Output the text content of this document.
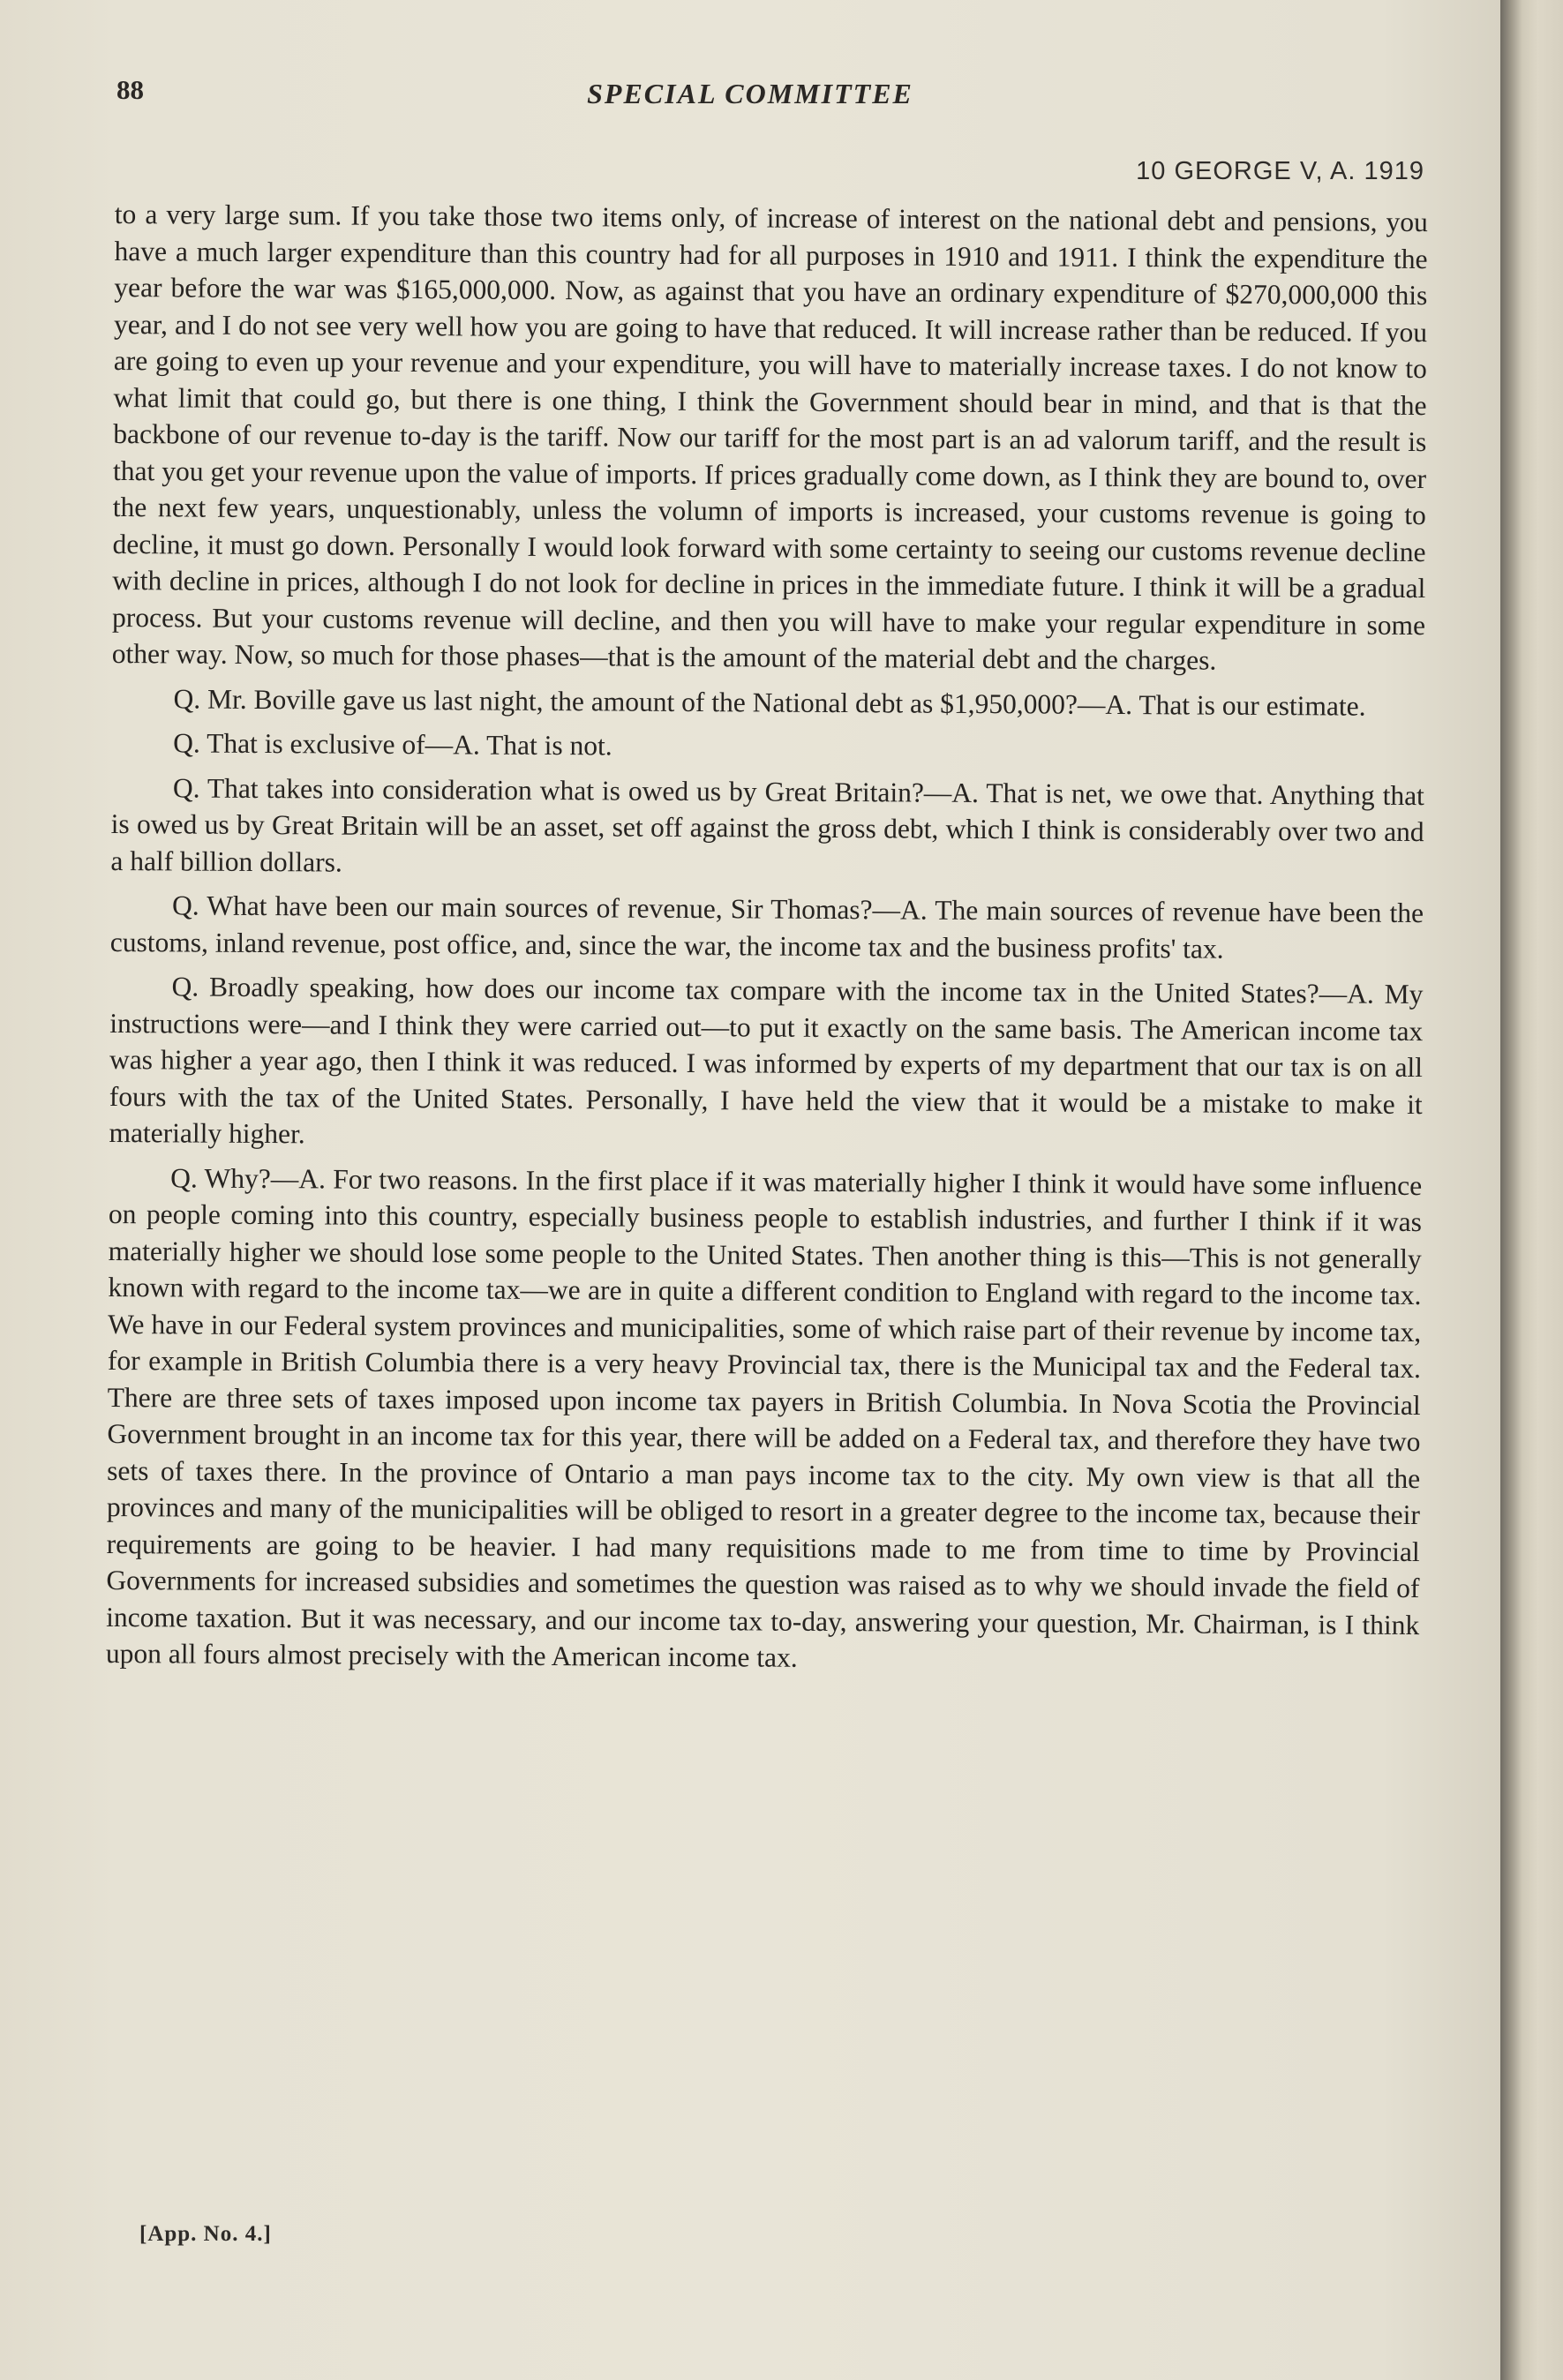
88	SPECIAL COMMITTEE
10 GEORGE V, A. 1919

to a very large sum. If you take those two items only, of increase of interest on the national debt and pensions, you have a much larger expenditure than this country had for all purposes in 1910 and 1911. I think the expenditure the year before the war was $165,000,000. Now, as against that you have an ordinary expenditure of $270,000,000 this year, and I do not see very well how you are going to have that reduced. It will increase rather than be reduced. If you are going to even up your revenue and your expenditure, you will have to materially increase taxes. I do not know to what limit that could go, but there is one thing, I think the Government should bear in mind, and that is that the backbone of our revenue to-day is the tariff. Now our tariff for the most part is an ad valorum tariff, and the result is that you get your revenue upon the value of imports. If prices gradually come down, as I think they are bound to, over the next few years, unquestionably, unless the volumn of imports is increased, your customs revenue is going to decline, it must go down. Personally I would look forward with some certainty to seeing our customs revenue decline with decline in prices, although I do not look for decline in prices in the immediate future. I think it will be a gradual process. But your customs revenue will decline, and then you will have to make your regular expenditure in some other way. Now, so much for those phases—that is the amount of the material debt and the charges.

Q. Mr. Boville gave us last night, the amount of the National debt as $1,950,000?—A. That is our estimate.

Q. That is exclusive of—A. That is not.

Q. That takes into consideration what is owed us by Great Britain?—A. That is net, we owe that. Anything that is owed us by Great Britain will be an asset, set off against the gross debt, which I think is considerably over two and a half billion dollars.

Q. What have been our main sources of revenue, Sir Thomas?—A. The main sources of revenue have been the customs, inland revenue, post office, and, since the war, the income tax and the business profits' tax.

Q. Broadly speaking, how does our income tax compare with the income tax in the United States?—A. My instructions were—and I think they were carried out—to put it exactly on the same basis. The American income tax was higher a year ago, then I think it was reduced. I was informed by experts of my department that our tax is on all fours with the tax of the United States. Personally, I have held the view that it would be a mistake to make it materially higher.

Q. Why?—A. For two reasons. In the first place if it was materially higher I think it would have some influence on people coming into this country, especially business people to establish industries, and further I think if it was materially higher we should lose some people to the United States. Then another thing is this—This is not generally known with regard to the income tax—we are in quite a different condition to England with regard to the income tax. We have in our Federal system provinces and municipalities, some of which raise part of their revenue by income tax, for example in British Columbia there is a very heavy Provincial tax, there is the Municipal tax and the Federal tax. There are three sets of taxes imposed upon income tax payers in British Columbia. In Nova Scotia the Provincial Government brought in an income tax for this year, there will be added on a Federal tax, and therefore they have two sets of taxes there. In the province of Ontario a man pays income tax to the city. My own view is that all the provinces and many of the municipalities will be obliged to resort in a greater degree to the income tax, because their requirements are going to be heavier. I had many requisitions made to me from time to time by Provincial Governments for increased subsidies and sometimes the question was raised as to why we should invade the field of income taxation. But it was necessary, and our income tax to-day, answering your question, Mr. Chairman, is I think upon all fours almost precisely with the American income tax.

[App. No. 4.]
